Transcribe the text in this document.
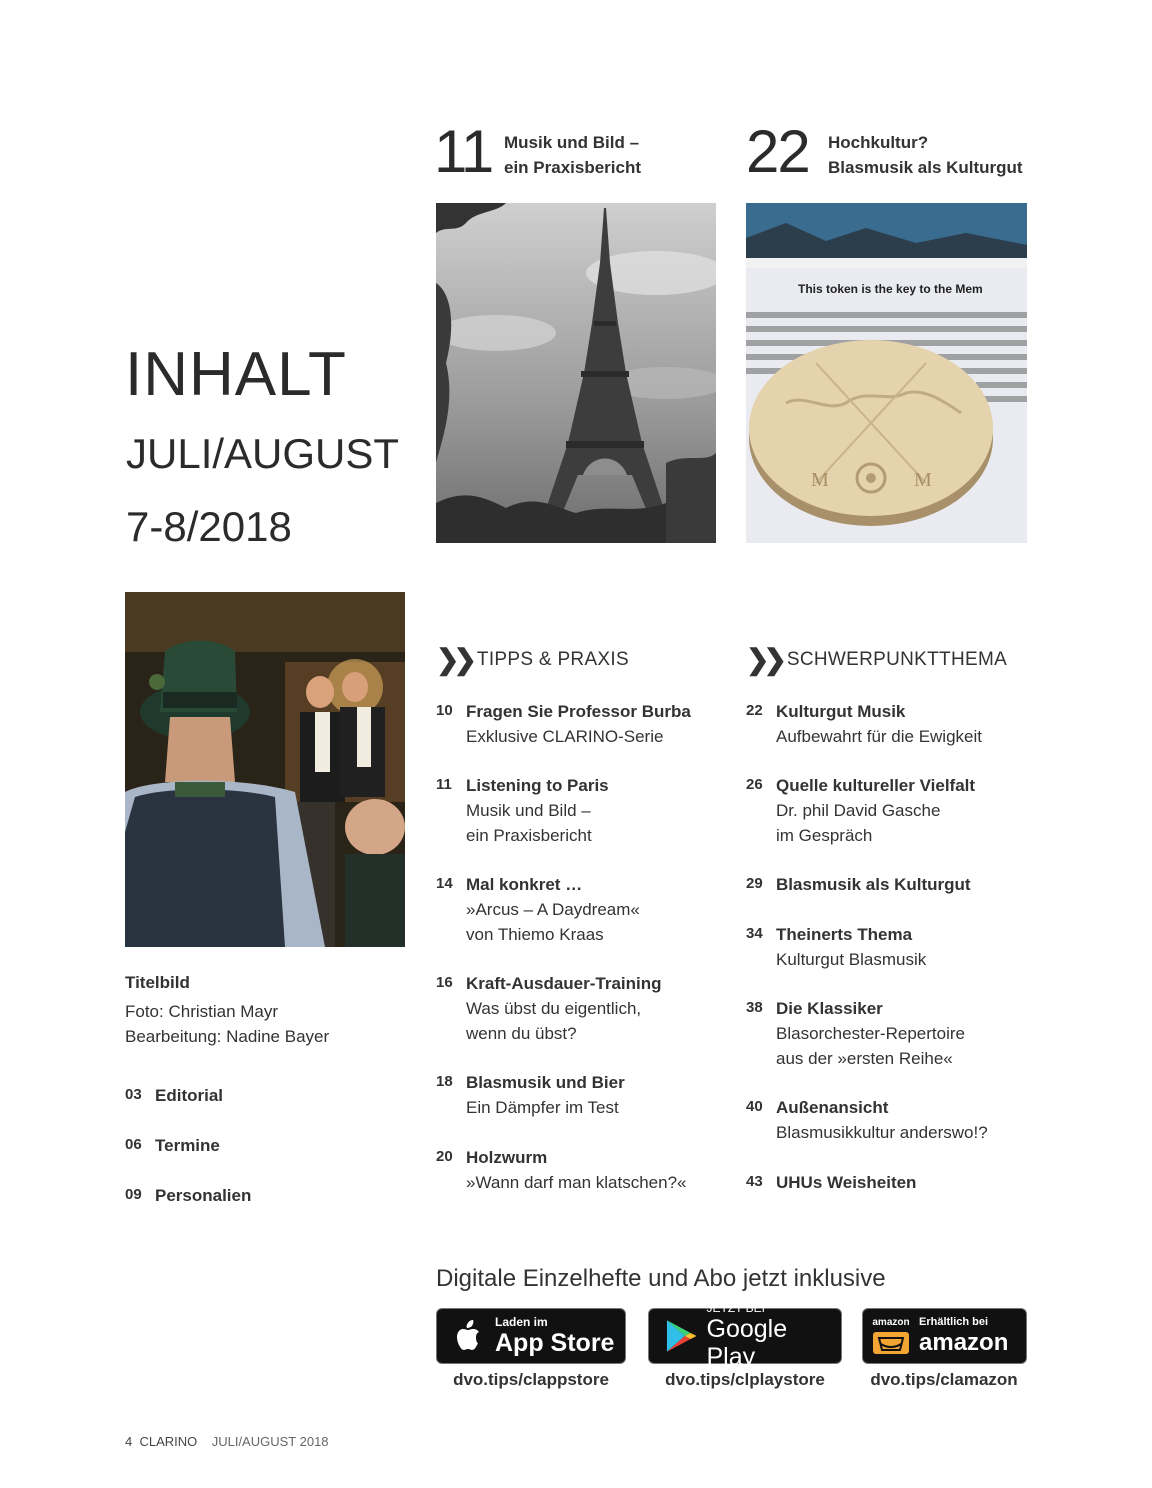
11 Musik und Bild –
ein Praxisbericht 22 Hochkultur?
Blasmusik als Kulturgut
This token is the key to the Mem
M	M
INHALT
JULI/AUGUST
7-8/2018
Titelbild
Foto: Christian Mayr
Bearbeitung: Nadine Bayer
03 Editorial
06 Termine
09 Personalien
❯❯ TIPPS & PRAXIS
10 Fragen Sie Professor Burba
Exklusive CLARINO-Serie
11 Listening to Paris
Musik und Bild –
ein Praxisbericht
14 Mal konkret …
»Arcus – A Daydream«
von Thiemo Kraas
16 Kraft-Ausdauer-Training
Was übst du eigentlich,
wenn du übst?
18 Blasmusik und Bier
Ein Dämpfer im Test
20 Holzwurm
»Wann darf man klatschen?«
❯❯ SCHWERPUNKTTHEMA
22 Kulturgut Musik
Aufbewahrt für die Ewigkeit
26 Quelle kultureller Vielfalt
Dr. phil David Gasche
im Gespräch
29 Blasmusik als Kulturgut
34 Theinerts Thema
Kulturgut Blasmusik
38 Die Klassiker
Blasorchester-Repertoire
aus der »ersten Reihe«
40 Außenansicht
Blasmusikkultur anderswo!?
43 UHUs Weisheiten
Digitale Einzelhefte und Abo jetzt inklusive
Laden im
App Store
JETZT BEI
Google Play
amazon Erhältlich bei
amazon
dvo.tips/clappstore	dvo.tips/clplaystore	dvo.tips/clamazon
4 CLARINO JULI/AUGUST 2018
